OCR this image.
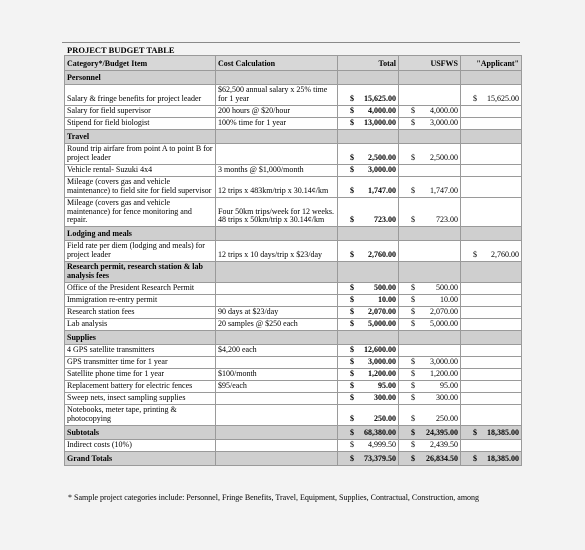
PROJECT BUDGET TABLE
Category*/Budget Item	Cost Calculation	Total	USFWS	"Applicant"
Personnel				
Salary & fringe benefits for project leader	$62,500 annual salary x 25% time for 1 year	$ 15,625.00		$ 15,625.00

Salary for field supervisor	200 hours @ $20/hour	$ 4,000.00	$ 4,000.00	

Stipend for field biologist	100% time for 1 year	$ 13,000.00	$ 3,000.00	

Travel				
Round trip airfare from point A to point B for project leader		$ 2,500.00	$ 2,500.00	

Vehicle rental- Suzuki 4x4	3 months @ $1,000/month	$ 3,000.00		

Mileage (covers gas and vehicle maintenance) to field site for field supervisor	12 trips x 483km/trip x 30.14¢/km	$ 1,747.00	$ 1,747.00	

Mileage (covers gas and vehicle maintenance) for fence monitoring and repair.	Four 50km trips/week for 12 weeks. 48 trips x 50km/trip x 30.14¢/km	$ 723.00	$ 723.00	

Lodging and meals				
Field rate per diem (lodging and meals) for project leader	12 trips x 10 days/trip x $23/day	$ 2,760.00		$ 2,760.00

Research permit, research station & lab analysis fees				
Office of the President Research Permit		$ 500.00	$ 500.00	

Immigration re-entry permit		$ 10.00	$ 10.00	

Research station fees	90 days at $23/day	$ 2,070.00	$ 2,070.00	

Lab analysis	20 samples @ $250 each	$ 5,000.00	$ 5,000.00	

Supplies				
4 GPS satellite transmitters	$4,200 each	$ 12,600.00		

GPS transmitter time for 1 year		$ 3,000.00	$ 3,000.00	

Satellite phone time for 1 year	$100/month	$ 1,200.00	$ 1,200.00	

Replacement battery for electric fences	$95/each	$ 95.00	$ 95.00	

Sweep nets, insect sampling supplies		$ 300.00	$ 300.00	

Notebooks, meter tape, printing & photocopying		$ 250.00	$ 250.00	

Subtotals		$ 68,380.00	$ 24,395.00	$ 18,385.00

Indirect costs (10%)		$ 4,999.50	$ 2,439.50	

Grand Totals		$ 73,379.50	$ 26,834.50	$ 18,385.00
* Sample project categories include: Personnel, Fringe Benefits, Travel, Equipment, Supplies, Contractual, Construction, among
